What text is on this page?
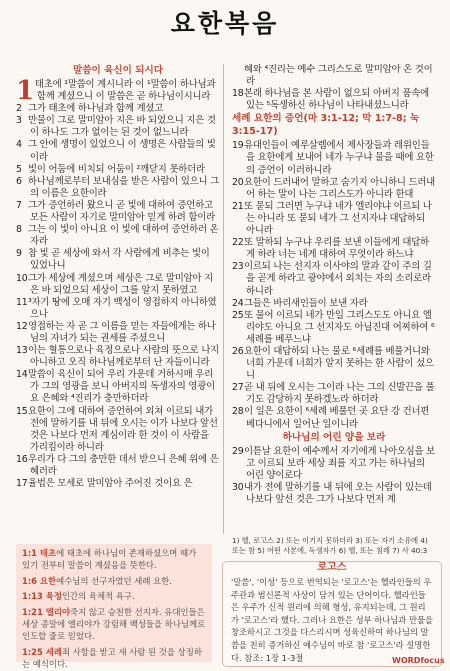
요한복음
말씀이 육신이 되시다

1 태초에 ¹말씀이 계시니라 이 ¹말씀이 하나님과 함께 계셨으니 이 말씀은 곧 하나님이시니라

2 그가 태초에 하나님과 함께 계셨고

3 만물이 그로 말미암아 지은 바 되었으니 지은 것이 하나도 그가 없이는 된 것이 없느니라

4 그 안에 생명이 있었으니 이 생명은 사람들의 빛이라

5 빛이 어둠에 비치되 어둠이 ²깨닫지 못하더라

6 하나님께로부터 보내심을 받은 사람이 있으니 그의 이름은 요한이라

7 그가 증언하러 왔으니 곧 빛에 대하여 증언하고 모든 사람이 자기로 말미암아 믿게 하려 함이라

8 그는 이 빛이 아니요 이 빛에 대하여 증언하러 온 자라

9 참 빛 곧 세상에 와서 각 사람에게 비추는 빛이 있었나니

10그가 세상에 계셨으며 세상은 그로 말미암아 지은 바 되었으되 세상이 그를 알지 못하였고

11³자기 땅에 오매 자기 백성이 영접하지 아니하였으나

12영접하는 자 곧 그 이름을 믿는 자들에게는 하나님의 자녀가 되는 권세를 주셨으니

13이는 혈통으로나 육정으로나 사람의 뜻으로 나지 아니하고 오직 하나님께로부터 난 자들이니라

14말씀이 육신이 되어 우리 가운데 거하시매 우리가 그의 영광을 보니 아버지의 독생자의 영광이요 은혜와 ⁴진리가 충만하더라

15요한이 그에 대하여 증언하여 외쳐 이르되 내가 전에 말하기를 내 뒤에 오시는 이가 나보다 앞선 것은 나보다 먼저 계심이라 한 것이 이 사람을 가리킴이라 하니라

16우리가 다 그의 충만한 데서 받으니 은혜 위에 은혜러라

17율법은 모세로 말미암아 주어진 것이요 은

혜와 ⁴진리는 예수 그리스도로 말미암아 온 것이라

18본래 하나님을 본 사람이 없으되 아버지 품속에 있는 ⁵독생하신 하나님이 나타내셨느니라

세례 요한의 증언(마 3:1-12; 막 1:7-8; 눅 3:15-17)

19유대인들이 예루살렘에서 제사장들과 레위인들을 요한에게 보내어 네가 누구냐 물을 때에 요한의 증언이 이러하니라

20요한이 드러내어 말하고 숨기지 아니하니 드러내어 하는 말이 나는 그리스도가 아니라 한대

21또 묻되 그러면 누구냐 네가 엘리야냐 이르되 나는 아니라 또 묻되 네가 그 선지자냐 대답하되 아니라

22또 말하되 누구냐 우리를 보낸 이들에게 대답하게 하라 너는 네게 대하여 무엇이라 하느냐

23이르되 나는 선지자 이사야의 말과 같이 주의 길을 곧게 하라고 광야에서 외치는 자의 소리로라 하니라

24그들은 바리새인들이 보낸 자라

25또 물어 이르되 네가 만일 그리스도도 아니요 엘리야도 아니요 그 선지자도 아닐진대 어찌하여 ⁶세례를 베푸느냐

26요한이 대답하되 나는 물로 ⁶세례를 베풀거니와 너희 가운데 너희가 알지 못하는 한 사람이 섰으니

27곧 내 뒤에 오시는 그이라 나는 그의 신발끈을 풀기도 감당하지 못하겠노라 하더라

28이 일은 요한이 ⁶세례 베풀던 곳 요단 강 건너편 베다니에서 일어난 일이니라

하나님의 어린 양을 보라

29이튿날 요한이 예수께서 자기에게 나아오심을 보고 이르되 보라 세상 죄를 지고 가는 하나님의 어린 양이로다

30내가 전에 말하기를 내 뒤에 오는 사람이 있는데 나보다 앞선 것은 그가 나보다 먼저 계

1) 헬, 로고스 2) 또는 이기지 못하더라 3) 또는 자기 소유에 4) 또는 참 5) 어떤 사본에, 독생자가 6) 헬, 또는 침례 7) 사 40:3
1:1 태초에 태초에 하나님이 존재하셨으며 때가 있기 전부터 말씀이 계셨음을 뜻한다.
1:6 요한예수님의 선구자였던 세례 요한.
1:13 육정인간의 육체적 욕구.
1:21 엘리야죽지 않고 승천한 선지자. 유대인들은 세상 종말에 엘리야가 강림해 백성들을 하나님께로 인도할 줄로 믿었다.
1:25 세례죄 사함을 받고 새 사람 된 것을 상징하는 예식이다.
로고스
'말씀', '이성' 등으로 번역되는 '로고스'는 헬라인들의 우주관과 범신론적 사상이 담겨 있는 단어이다. 헬라인들은 우주가 신적 원리에 의해 형성, 유지되는데, 그 원리가 '로고스'라 했다. 그러나 요한은 성부 하나님과 만물을 창조하시고 그것을 다스리시며 성육신하여 하나님의 말씀을 친히 증거하신 예수님이 바로 참 '로고스'라 설명한다. 참조: 1장 1-3절	WORDfocus
